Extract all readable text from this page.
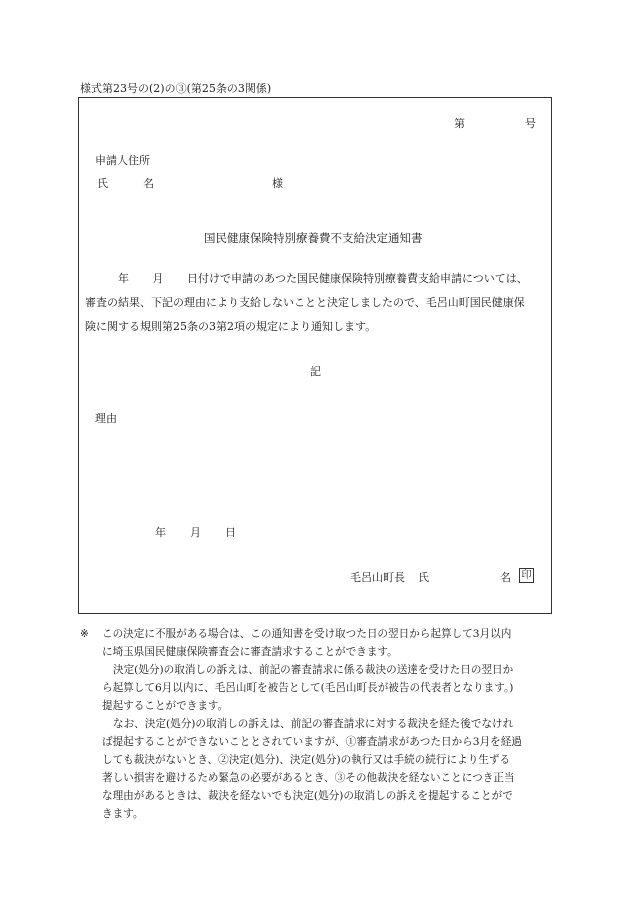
様式第23号の(2)の③(第25条の3関係)
第	号
申請人住所
氏	名	様
国民健康保険特別療養費不支給決定通知書
年 月 日付けで申請のあつた国民健康保険特別療養費支給申請については、
審査の結果、下記の理由により支給しないことと決定しましたので、毛呂山町国民健康保
険に関する規則第25条の3第2項の規定により通知します。
記
理由
年 月 日
毛呂山町長 氏	名 印
※ この決定に不服がある場合は、この通知書を受け取つた日の翌日から起算して3月以内
に埼玉県国民健康保険審査会に審査請求することができます。
決定(処分)の取消しの訴えは、前記の審査請求に係る裁決の送達を受けた日の翌日か
ら起算して6月以内に、毛呂山町を被告として(毛呂山町長が被告の代表者となります。)
提起することができます。
なお、決定(処分)の取消しの訴えは、前記の審査請求に対する裁決を経た後でなけれ
ば提起することができないこととされていますが、①審査請求があつた日から3月を経過
しても裁決がないとき、②決定(処分)、決定(処分)の執行又は手続の続行により生ずる
著しい損害を避けるため緊急の必要があるとき、③その他裁決を経ないことにつき正当
な理由があるときは、裁決を経ないでも決定(処分)の取消しの訴えを提起することがで
きます。
